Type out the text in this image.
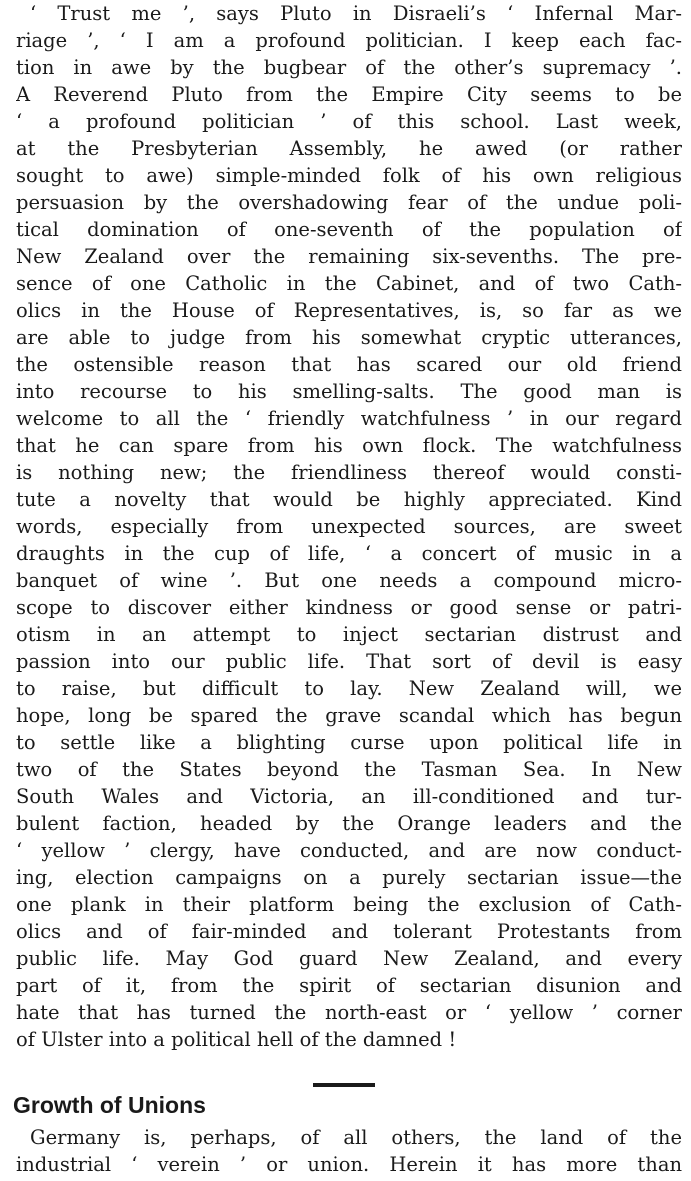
‘ Trust me ’, says Pluto in Disraeli’s ‘ Infernal Mar-
riage ’, ‘ I am a profound politician. I keep each fac-
tion in awe by the bugbear of the other’s supremacy ’.
A Reverend Pluto from the Empire City seems to be
‘ a profound politician ’ of this school. Last week,
at the Presbyterian Assembly, he awed (or rather
sought to awe) simple-minded folk of his own religious
persuasion by the overshadowing fear of the undue poli-
tical domination of one-seventh of the population of
New Zealand over the remaining six-sevenths. The pre-
sence of one Catholic in the Cabinet, and of two Cath-
olics in the House of Representatives, is, so far as we
are able to judge from his somewhat cryptic utterances,
the ostensible reason that has scared our old friend
into recourse to his smelling-salts. The good man is
welcome to all the ‘ friendly watchfulness ’ in our regard
that he can spare from his own flock. The watchfulness
is nothing new; the friendliness thereof would consti-
tute a novelty that would be highly appreciated. Kind
words, especially from unexpected sources, are sweet
draughts in the cup of life, ‘ a concert of music in a
banquet of wine ’. But one needs a compound micro-
scope to discover either kindness or good sense or patri-
otism in an attempt to inject sectarian distrust and
passion into our public life. That sort of devil is easy
to raise, but difficult to lay. New Zealand will, we
hope, long be spared the grave scandal which has begun
to settle like a blighting curse upon political life in
two of the States beyond the Tasman Sea. In New
South Wales and Victoria, an ill-conditioned and tur-
bulent faction, headed by the Orange leaders and the
‘ yellow ’ clergy, have conducted, and are now conduct-
ing, election campaigns on a purely sectarian issue—the
one plank in their platform being the exclusion of Cath-
olics and of fair-minded and tolerant Protestants from
public life. May God guard New Zealand, and every
part of it, from the spirit of sectarian disunion and
hate that has turned the north-east or ‘ yellow ’ corner
of Ulster into a political hell of the damned !
Growth of Unions
Germany is, perhaps, of all others, the land of the
industrial ‘ verein ’ or union. Herein it has more than
